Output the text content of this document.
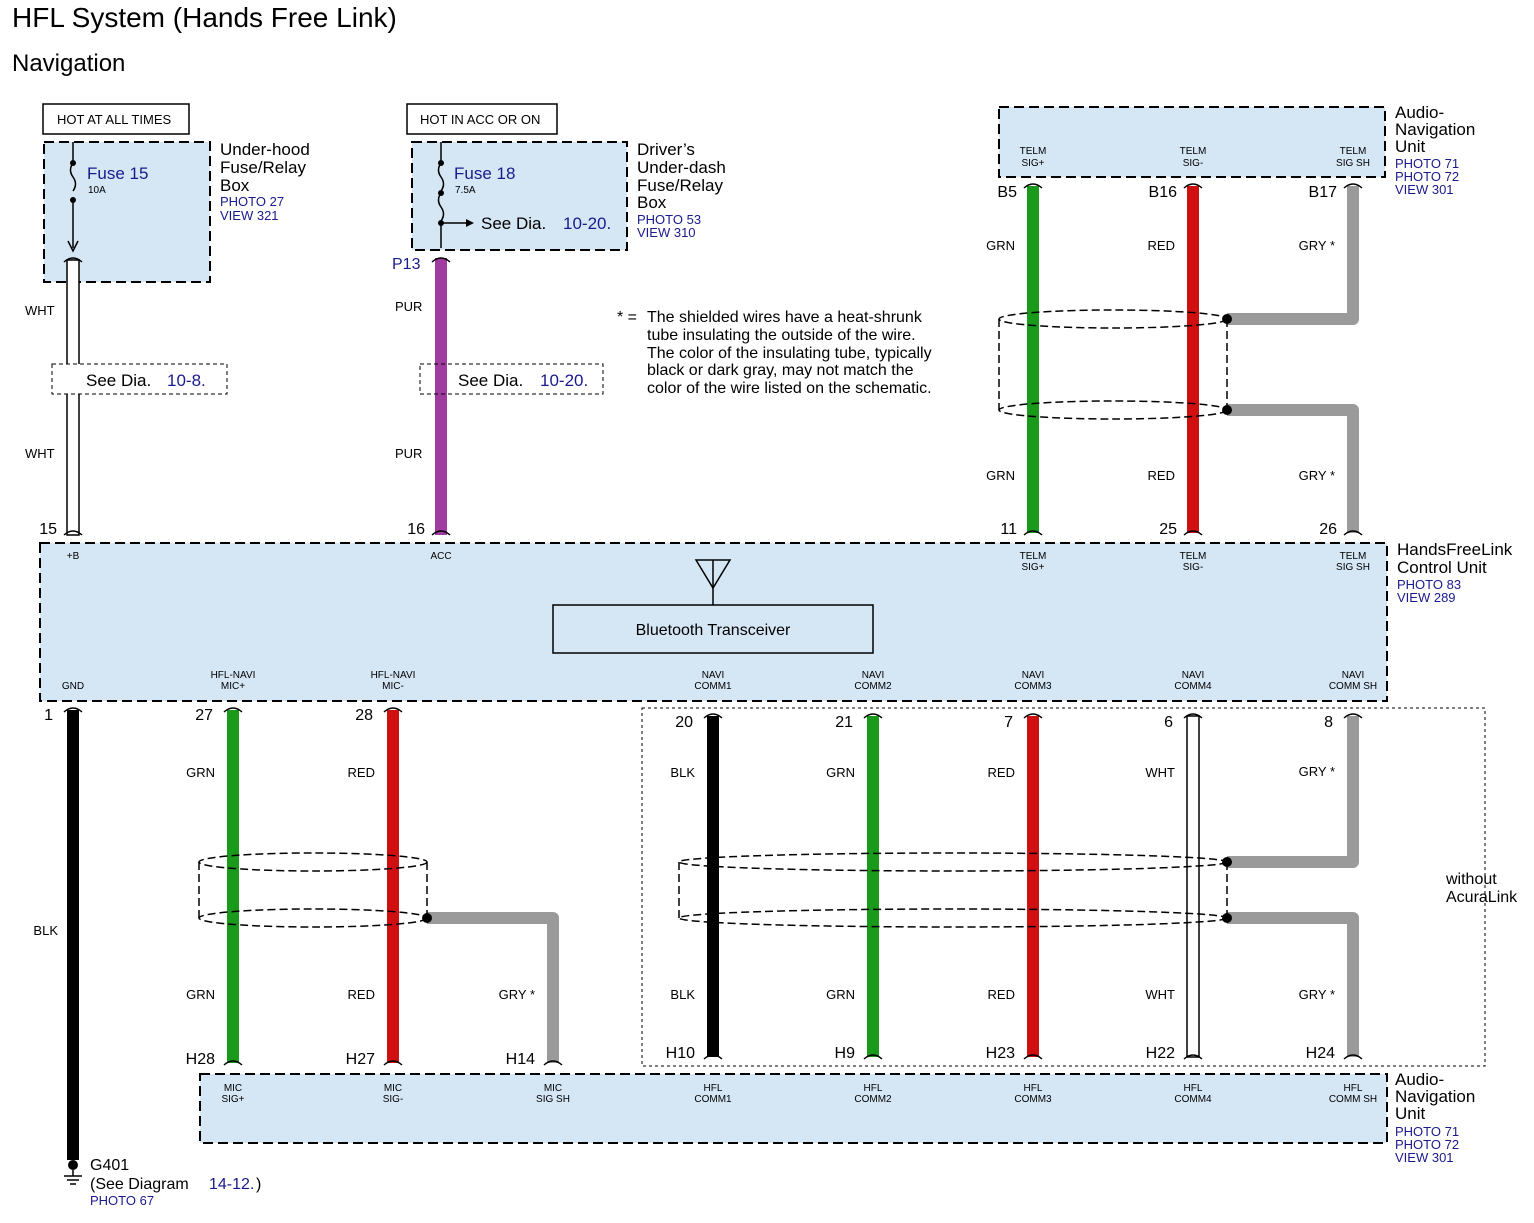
HFL System (Hands Free Link)
Navigation
HOT AT ALL TIMES	HOT IN ACC OR ON
Fuse 15
10A
Fuse 18
7.5A
See Dia. 10-20.
Under-hood
Fuse/Relay
Box
PHOTO 27
VIEW 321
Driver’s
Under-dash
Fuse/Relay
Box
PHOTO 53
VIEW 310
Audio-
Navigation
Unit
PHOTO 71
PHOTO 72
VIEW 301
HandsFreeLink
Control Unit
PHOTO 83
VIEW 289
Audio-
Navigation
Unit
PHOTO 71
PHOTO 72
VIEW 301
without
AcuraLink
* = The shielded wires have a heat-shrunk
tube insulating the outside of the wire.
The color of the insulating tube, typically
black or dark gray, may not match the
color of the wire listed on the schematic.
WHT
WHT
See Dia. 10-8.
P13
PUR
PUR
See Dia. 10-20.
TELM
SIG+
B5
GRN
GRN
TELM
SIG-
B16
RED
RED
TELM
SIG SH
B17
GRY *
GRY *
15
+B
16
ACC
11
TELM
SIG+
25
TELM
SIG-
26
TELM
SIG SH
Bluetooth Transceiver
BLK
GRN
GRN
RED
RED	GRY *
BLK
BLK
GRN
GRN
RED
RED
WHT
WHT
GRY *
GRY *
GND
HFL-NAVI
MIC+
HFL-NAVI
MIC-
NAVI
COMM1
NAVI
COMM2
NAVI
COMM3
NAVI
COMM4
NAVI
COMM SH
1	27	28	20	21	7	6	8
MIC
SIG+
H28
MIC
SIG-
H27
MIC
SIG SH
H14
HFL
COMM1
H10
HFL
COMM2
H9
HFL
COMM3
H23
HFL
COMM4
H22
HFL
COMM SH
H24
G401
(See Diagram 14-12. )
PHOTO 67
